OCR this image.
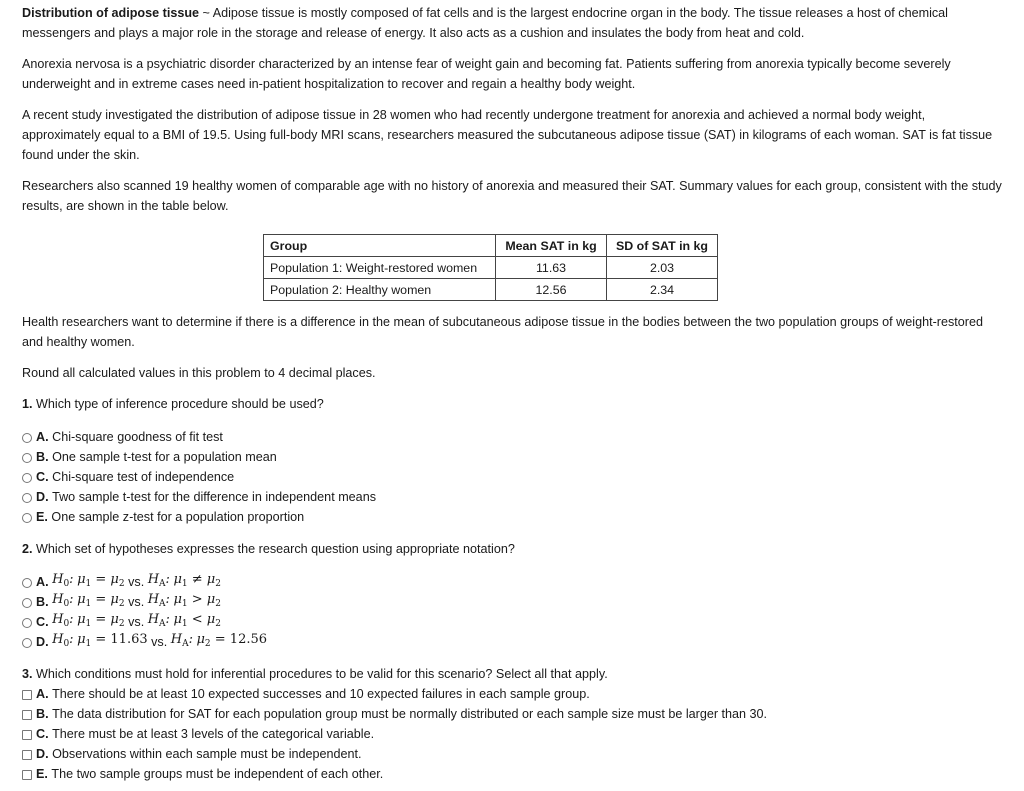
Distribution of adipose tissue ~ Adipose tissue is mostly composed of fat cells and is the largest endocrine organ in the body. The tissue releases a host of chemical messengers and plays a major role in the storage and release of energy. It also acts as a cushion and insulates the body from heat and cold.

Anorexia nervosa is a psychiatric disorder characterized by an intense fear of weight gain and becoming fat. Patients suffering from anorexia typically become severely underweight and in extreme cases need in-patient hospitalization to recover and regain a healthy body weight.

A recent study investigated the distribution of adipose tissue in 28 women who had recently undergone treatment for anorexia and achieved a normal body weight, approximately equal to a BMI of 19.5. Using full-body MRI scans, researchers measured the subcutaneous adipose tissue (SAT) in kilograms of each woman. SAT is fat tissue found under the skin.

Researchers also scanned 19 healthy women of comparable age with no history of anorexia and measured their SAT. Summary values for each group, consistent with the study results, are shown in the table below.

Group	Mean SAT in kg	SD of SAT in kg
Population 1: Weight-restored women	11.63	2.03
Population 2: Healthy women	12.56	2.34

Health researchers want to determine if there is a difference in the mean of subcutaneous adipose tissue in the bodies between the two population groups of weight-restored and healthy women.

Round all calculated values in this problem to 4 decimal places.

1. Which type of inference procedure should be used?

A.
Chi-square goodness of fit test
B.
One sample t-test for a population mean
C.
Chi-square test of independence
D.
Two sample t-test for the difference in independent means
E.
One sample z-test for a population proportion

2. Which set of hypotheses expresses the research question using appropriate notation?

A.
$H_0$:
$\mu_1 = \mu_2$
vs.
$H_A$:
$\mu_1 \ne \mu_2$
B.
$H_0$:
$\mu_1 = \mu_2$
vs.
$H_A$:
$\mu_1 > \mu_2$
C.
$H_0$:
$\mu_1 = \mu_2$
vs.
$H_A$:
$\mu_1 < \mu_2$
D.
$H_0$:
$\mu_1 = 11.63$
vs.
$H_A$:
$\mu_2 = 12.56$

3. Which conditions must hold for inferential procedures to be valid for this scenario? Select all that apply.

A.
There should be at least 10 expected successes and 10 expected failures in each sample group.
B.
The data distribution for SAT for each population group must be normally distributed or each sample size must be larger than 30.
C.
There must be at least 3 levels of the categorical variable.
D.
Observations within each sample must be independent.
E.
The two sample groups must be independent of each other.
